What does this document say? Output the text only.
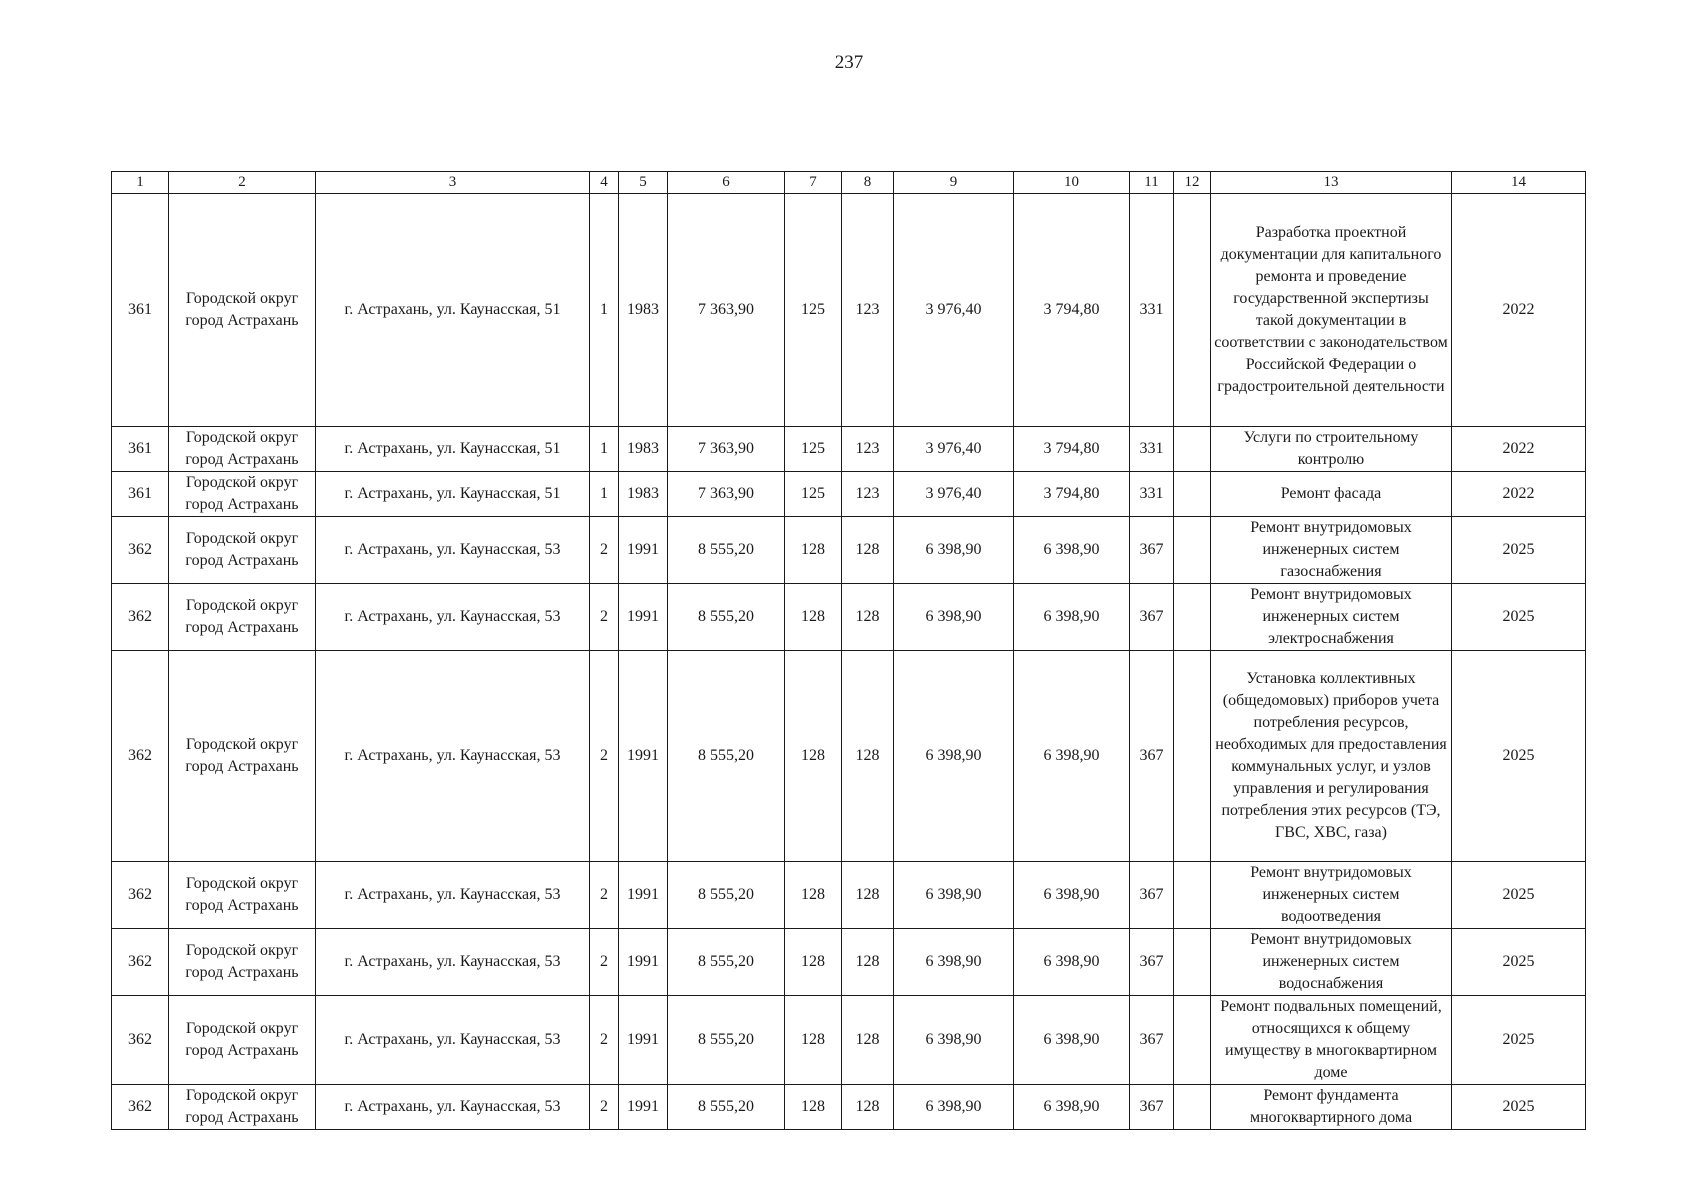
237
1	2	3	4	5	6	7	8	9	10	11	12	13	14
361	Городской округ город Астрахань	г. Астрахань, ул. Каунасская, 51	1	1983	7 363,90	125	123	3 976,40	3 794,80	331		Разработка проектной документации для капитального ремонта и проведение государственной экспертизы такой документации в соответствии с законодательством Российской Федерации о градостроительной деятельности	2022
361	Городской округ город Астрахань	г. Астрахань, ул. Каунасская, 51	1	1983	7 363,90	125	123	3 976,40	3 794,80	331		Услуги по строительному контролю	2022
361	Городской округ город Астрахань	г. Астрахань, ул. Каунасская, 51	1	1983	7 363,90	125	123	3 976,40	3 794,80	331		Ремонт фасада	2022
362	Городской округ город Астрахань	г. Астрахань, ул. Каунасская, 53	2	1991	8 555,20	128	128	6 398,90	6 398,90	367		Ремонт внутридомовых инженерных систем газоснабжения	2025
362	Городской округ город Астрахань	г. Астрахань, ул. Каунасская, 53	2	1991	8 555,20	128	128	6 398,90	6 398,90	367		Ремонт внутридомовых инженерных систем электроснабжения	2025
362	Городской округ город Астрахань	г. Астрахань, ул. Каунасская, 53	2	1991	8 555,20	128	128	6 398,90	6 398,90	367		Установка коллективных (общедомовых) приборов учета потребления ресурсов, необходимых для предоставления коммунальных услуг, и узлов управления и регулирования потребления этих ресурсов (ТЭ, ГВС, ХВС, газа)	2025
362	Городской округ город Астрахань	г. Астрахань, ул. Каунасская, 53	2	1991	8 555,20	128	128	6 398,90	6 398,90	367		Ремонт внутридомовых инженерных систем водоотведения	2025
362	Городской округ город Астрахань	г. Астрахань, ул. Каунасская, 53	2	1991	8 555,20	128	128	6 398,90	6 398,90	367		Ремонт внутридомовых инженерных систем водоснабжения	2025
362	Городской округ город Астрахань	г. Астрахань, ул. Каунасская, 53	2	1991	8 555,20	128	128	6 398,90	6 398,90	367		Ремонт подвальных помещений, относящихся к общему имуществу в многоквартирном доме	2025
362	Городской округ город Астрахань	г. Астрахань, ул. Каунасская, 53	2	1991	8 555,20	128	128	6 398,90	6 398,90	367		Ремонт фундамента многоквартирного дома	2025
